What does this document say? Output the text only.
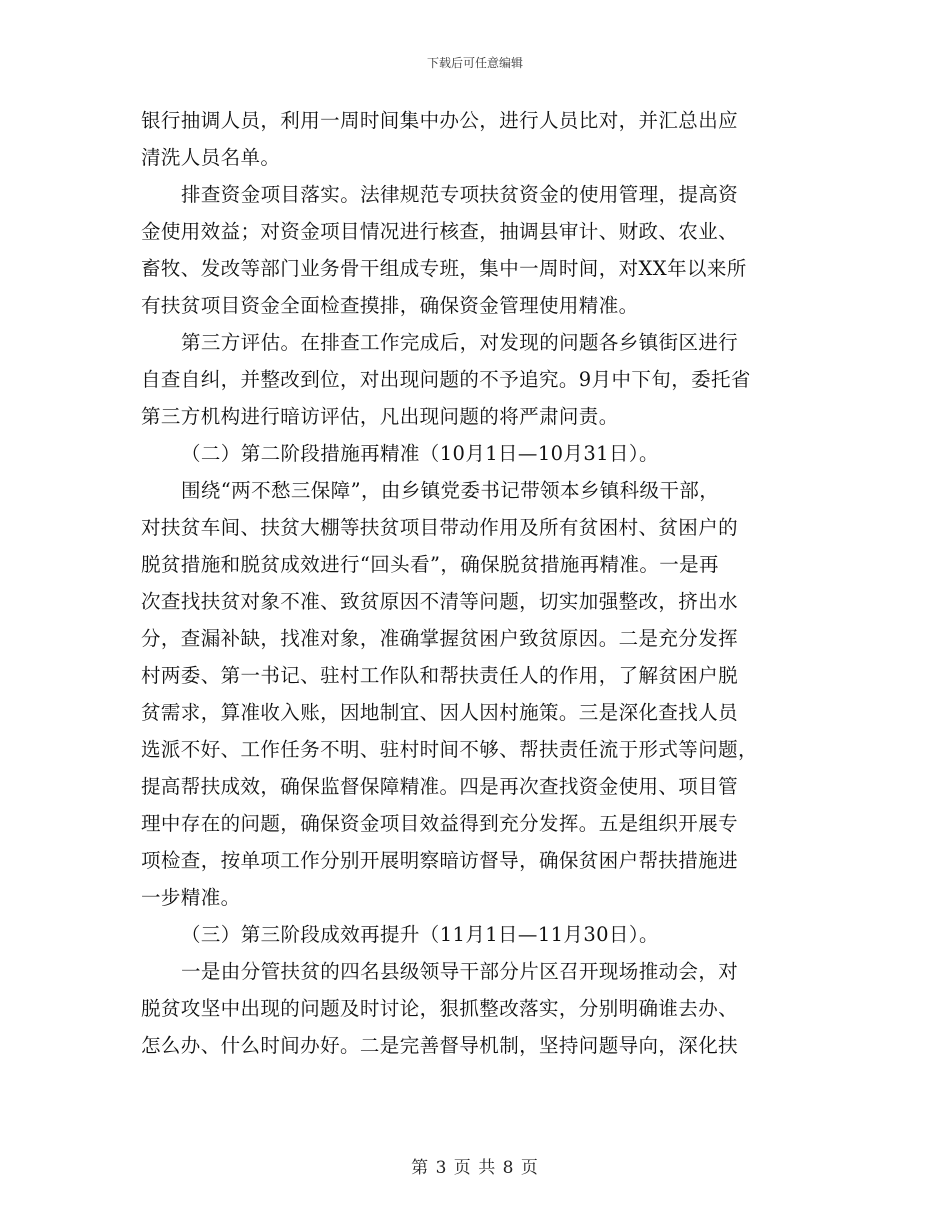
下载后可任意编辑
银行抽调人员，利用一周时间集中办公，进行人员比对，并汇总出应
清洗人员名单。
排查资金项目落实。法律规范专项扶贫资金的使用管理，提高资
金使用效益；对资金项目情况进行核查，抽调县审计、财政、农业、
畜牧、发改等部门业务骨干组成专班，集中一周时间，对XX年以来所
有扶贫项目资金全面检查摸排，确保资金管理使用精准。
第三方评估。在排查工作完成后，对发现的问题各乡镇街区进行
自查自纠，并整改到位，对出现问题的不予追究。9月中下旬，委托省
第三方机构进行暗访评估，凡出现问题的将严肃问责。
（二）第二阶段措施再精准（10月1日—10月31日）。
围绕“两不愁三保障”，由乡镇党委书记带领本乡镇科级干部，
对扶贫车间、扶贫大棚等扶贫项目带动作用及所有贫困村、贫困户的
脱贫措施和脱贫成效进行“回头看”，确保脱贫措施再精准。一是再
次查找扶贫对象不准、致贫原因不清等问题，切实加强整改，挤出水
分，查漏补缺，找准对象，准确掌握贫困户致贫原因。二是充分发挥
村两委、第一书记、驻村工作队和帮扶责任人的作用，了解贫困户脱
贫需求，算准收入账，因地制宜、因人因村施策。三是深化查找人员
选派不好、工作任务不明、驻村时间不够、帮扶责任流于形式等问题，
提高帮扶成效，确保监督保障精准。四是再次查找资金使用、项目管
理中存在的问题，确保资金项目效益得到充分发挥。五是组织开展专
项检查，按单项工作分别开展明察暗访督导，确保贫困户帮扶措施进
一步精准。
（三）第三阶段成效再提升（11月1日—11月30日）。
一是由分管扶贫的四名县级领导干部分片区召开现场推动会，对
脱贫攻坚中出现的问题及时讨论，狠抓整改落实，分别明确谁去办、
怎么办、什么时间办好。二是完善督导机制，坚持问题导向，深化扶
第 3 页 共 8 页
